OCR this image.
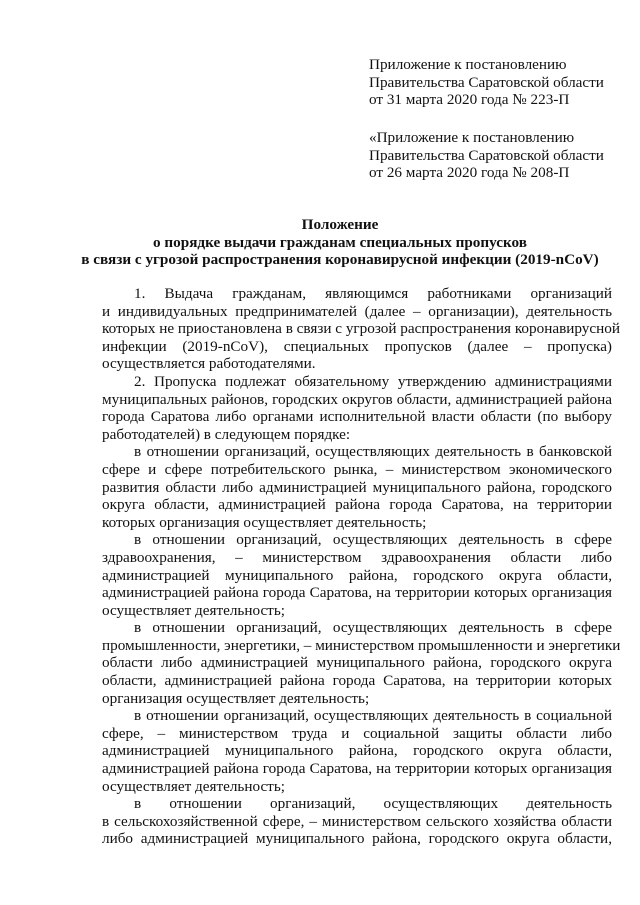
Приложение к постановлению
Правительства Саратовской области
от 31 марта 2020 года № 223-П
«Приложение к постановлению
Правительства Саратовской области
от 26 марта 2020 года № 208-П
Положение
о порядке выдачи гражданам специальных пропусков
в связи с угрозой распространения коронавирусной инфекции (2019-nCoV)
1. Выдача гражданам, являющимся работниками организаций
и индивидуальных предпринимателей (далее – организации), деятельность
которых не приостановлена в связи с угрозой распространения коронавирусной
инфекции (2019-nCoV), специальных пропусков (далее – пропуска)
осуществляется работодателями.
2. Пропуска подлежат обязательному утверждению администрациями
муниципальных районов, городских округов области, администрацией района
города Саратова либо органами исполнительной власти области (по выбору
работодателей) в следующем порядке:
в отношении организаций, осуществляющих деятельность в банковской
сфере и сфере потребительского рынка, – министерством экономического
развития области либо администрацией муниципального района, городского
округа области, администрацией района города Саратова, на территории
которых организация осуществляет деятельность;
в отношении организаций, осуществляющих деятельность в сфере
здравоохранения, – министерством здравоохранения области либо
администрацией муниципального района, городского округа области,
администрацией района города Саратова, на территории которых организация
осуществляет деятельность;
в отношении организаций, осуществляющих деятельность в сфере
промышленности, энергетики, – министерством промышленности и энергетики
области либо администрацией муниципального района, городского округа
области, администрацией района города Саратова, на территории которых
организация осуществляет деятельность;
в отношении организаций, осуществляющих деятельность в социальной
сфере, – министерством труда и социальной защиты области либо
администрацией муниципального района, городского округа области,
администрацией района города Саратова, на территории которых организация
осуществляет деятельность;
в отношении организаций, осуществляющих деятельность
в сельскохозяйственной сфере, – министерством сельского хозяйства области
либо администрацией муниципального района, городского округа области,
